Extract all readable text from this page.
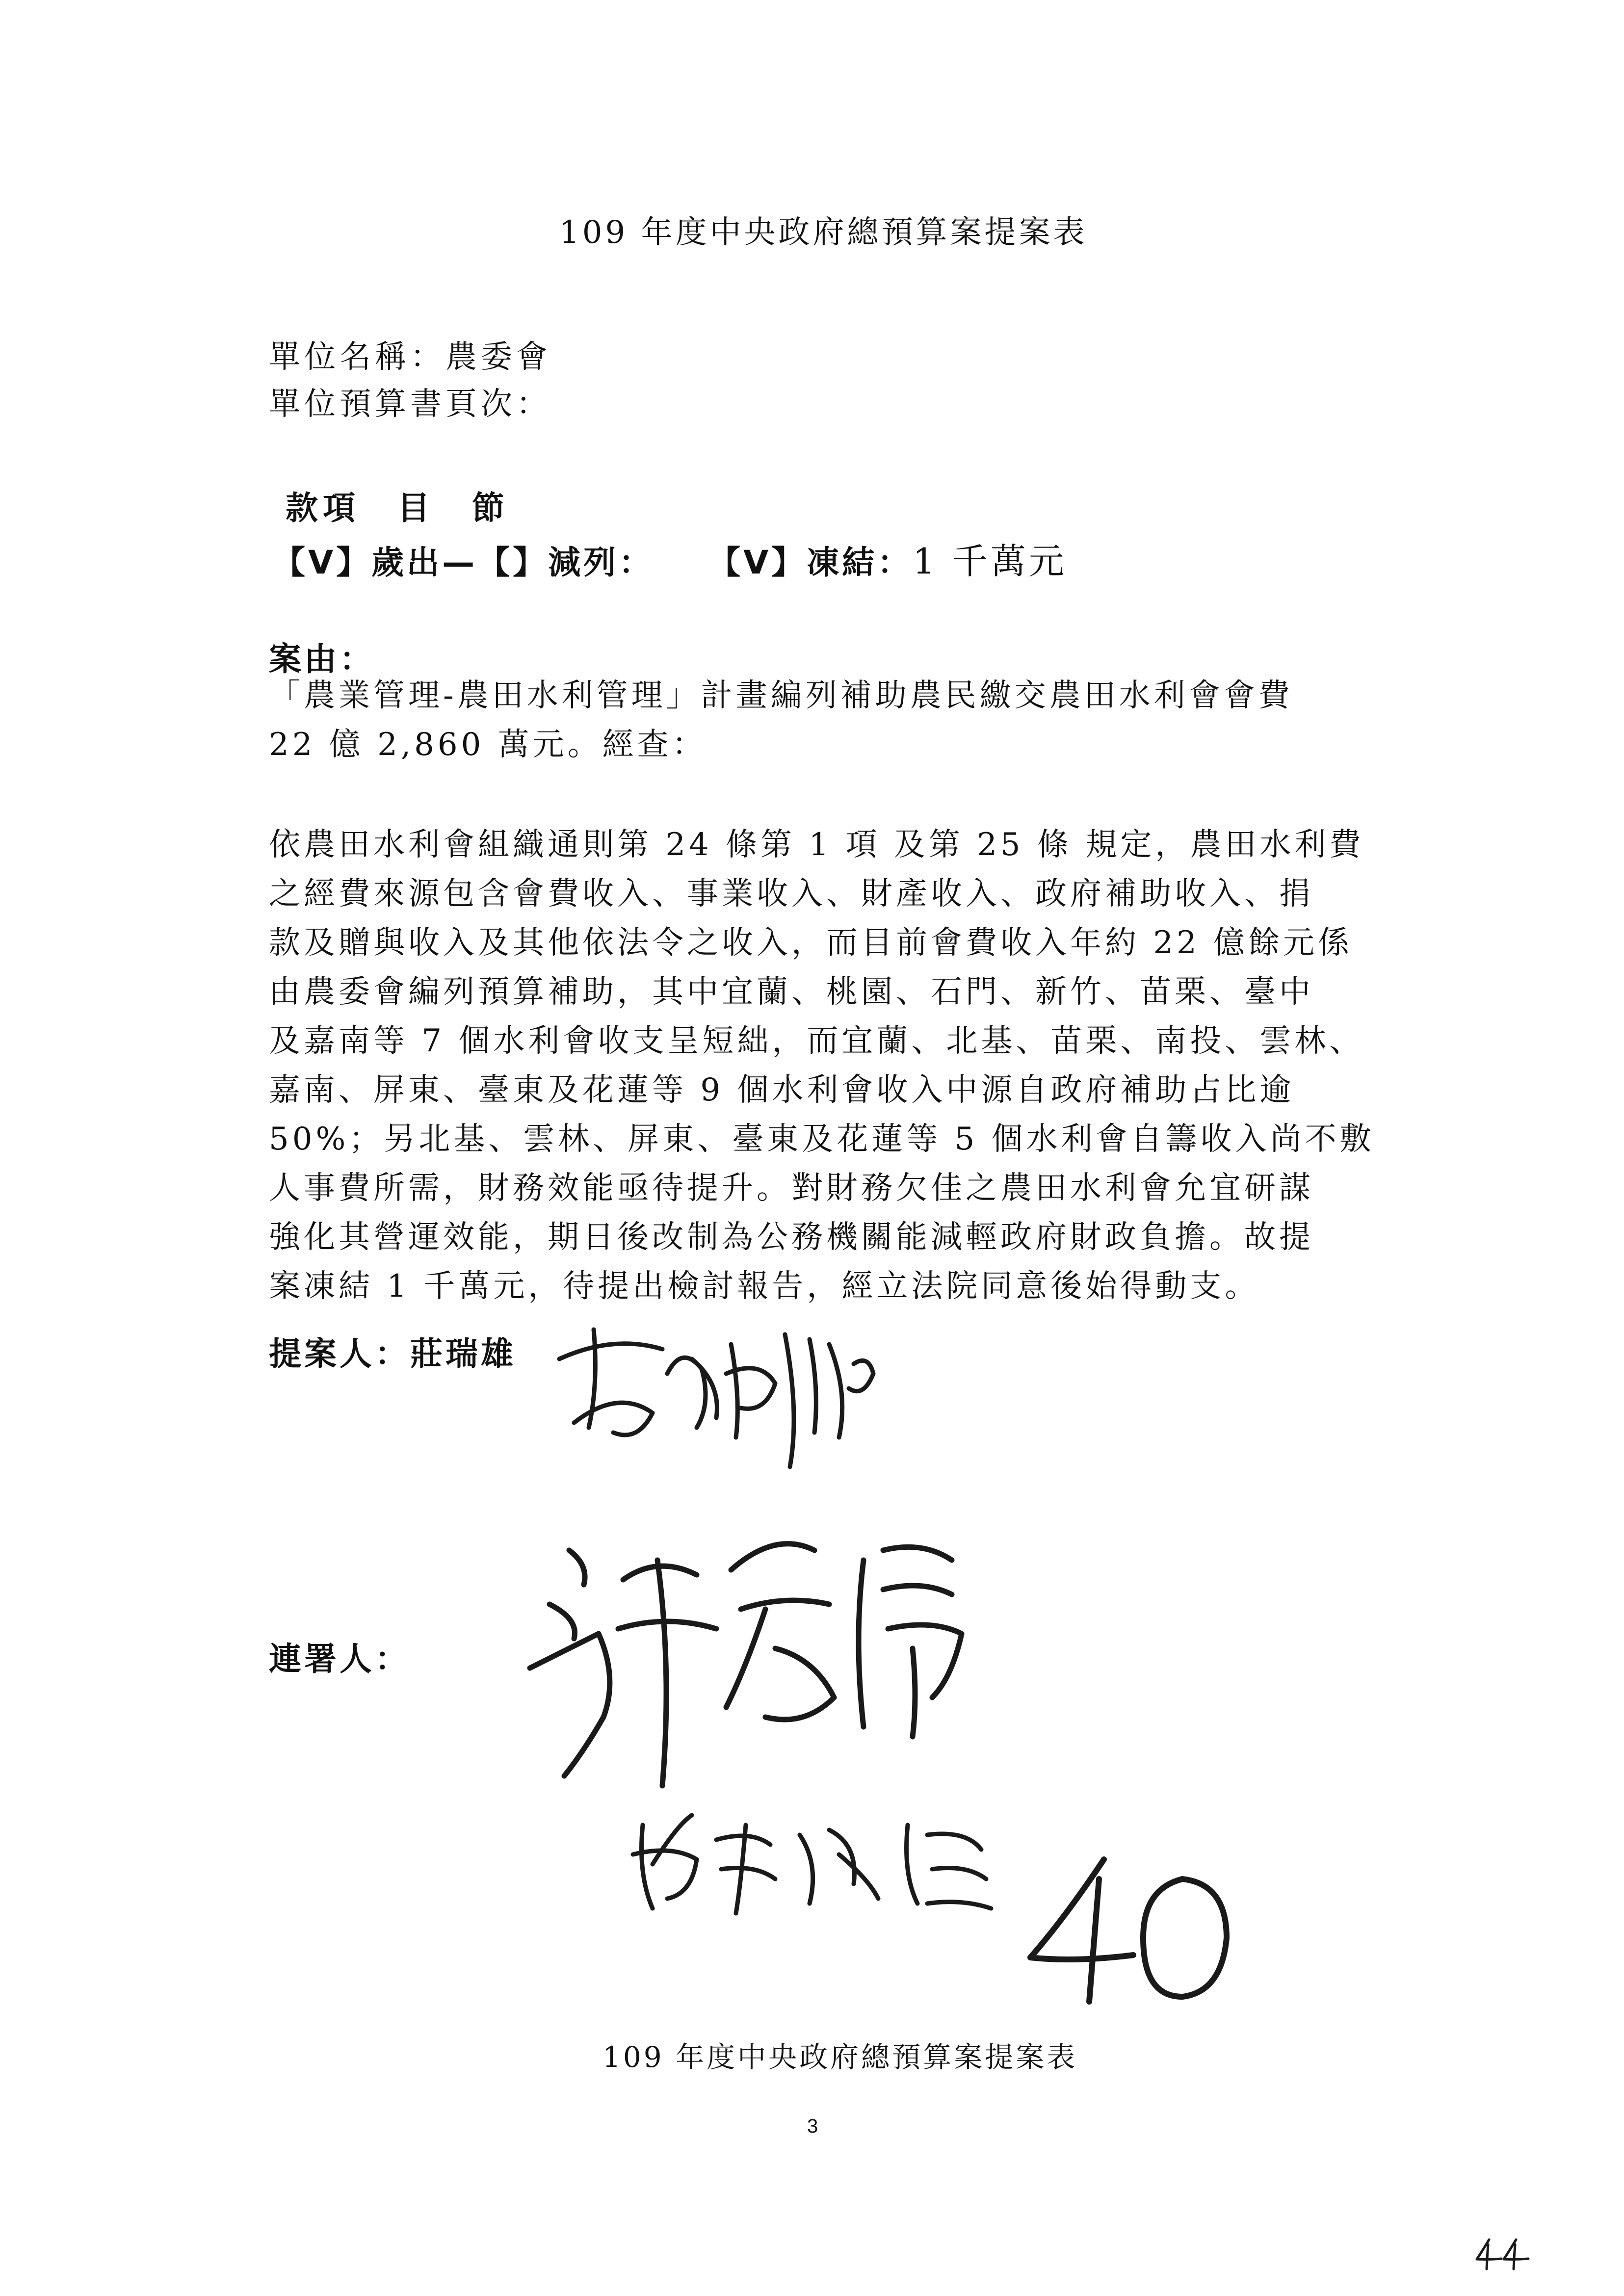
109 年度中央政府總預算案提案表
單位名稱：農委會
單位預算書頁次：
款項　目　節
【V】歲出—【】減列： 【V】凍結：1 千萬元
案由：
「農業管理-農田水利管理」計畫編列補助農民繳交農田水利會會費
22 億 2,860 萬元。經查：
依農田水利會組織通則第 24 條第 1 項 及第 25 條 規定，農田水利費
之經費來源包含會費收入、事業收入、財產收入、政府補助收入、捐
款及贈與收入及其他依法令之收入，而目前會費收入年約 22 億餘元係
由農委會編列預算補助，其中宜蘭、桃園、石門、新竹、苗栗、臺中
及嘉南等 7 個水利會收支呈短絀，而宜蘭、北基、苗栗、南投、雲林、
嘉南、屏東、臺東及花蓮等 9 個水利會收入中源自政府補助占比逾
50%；另北基、雲林、屏東、臺東及花蓮等 5 個水利會自籌收入尚不敷
人事費所需，財務效能亟待提升。對財務欠佳之農田水利會允宜研謀
強化其營運效能，期日後改制為公務機關能減輕政府財政負擔。故提
案凍結 1 千萬元，待提出檢討報告，經立法院同意後始得動支。
提案人：莊瑞雄
連署人：
109 年度中央政府總預算案提案表
3
